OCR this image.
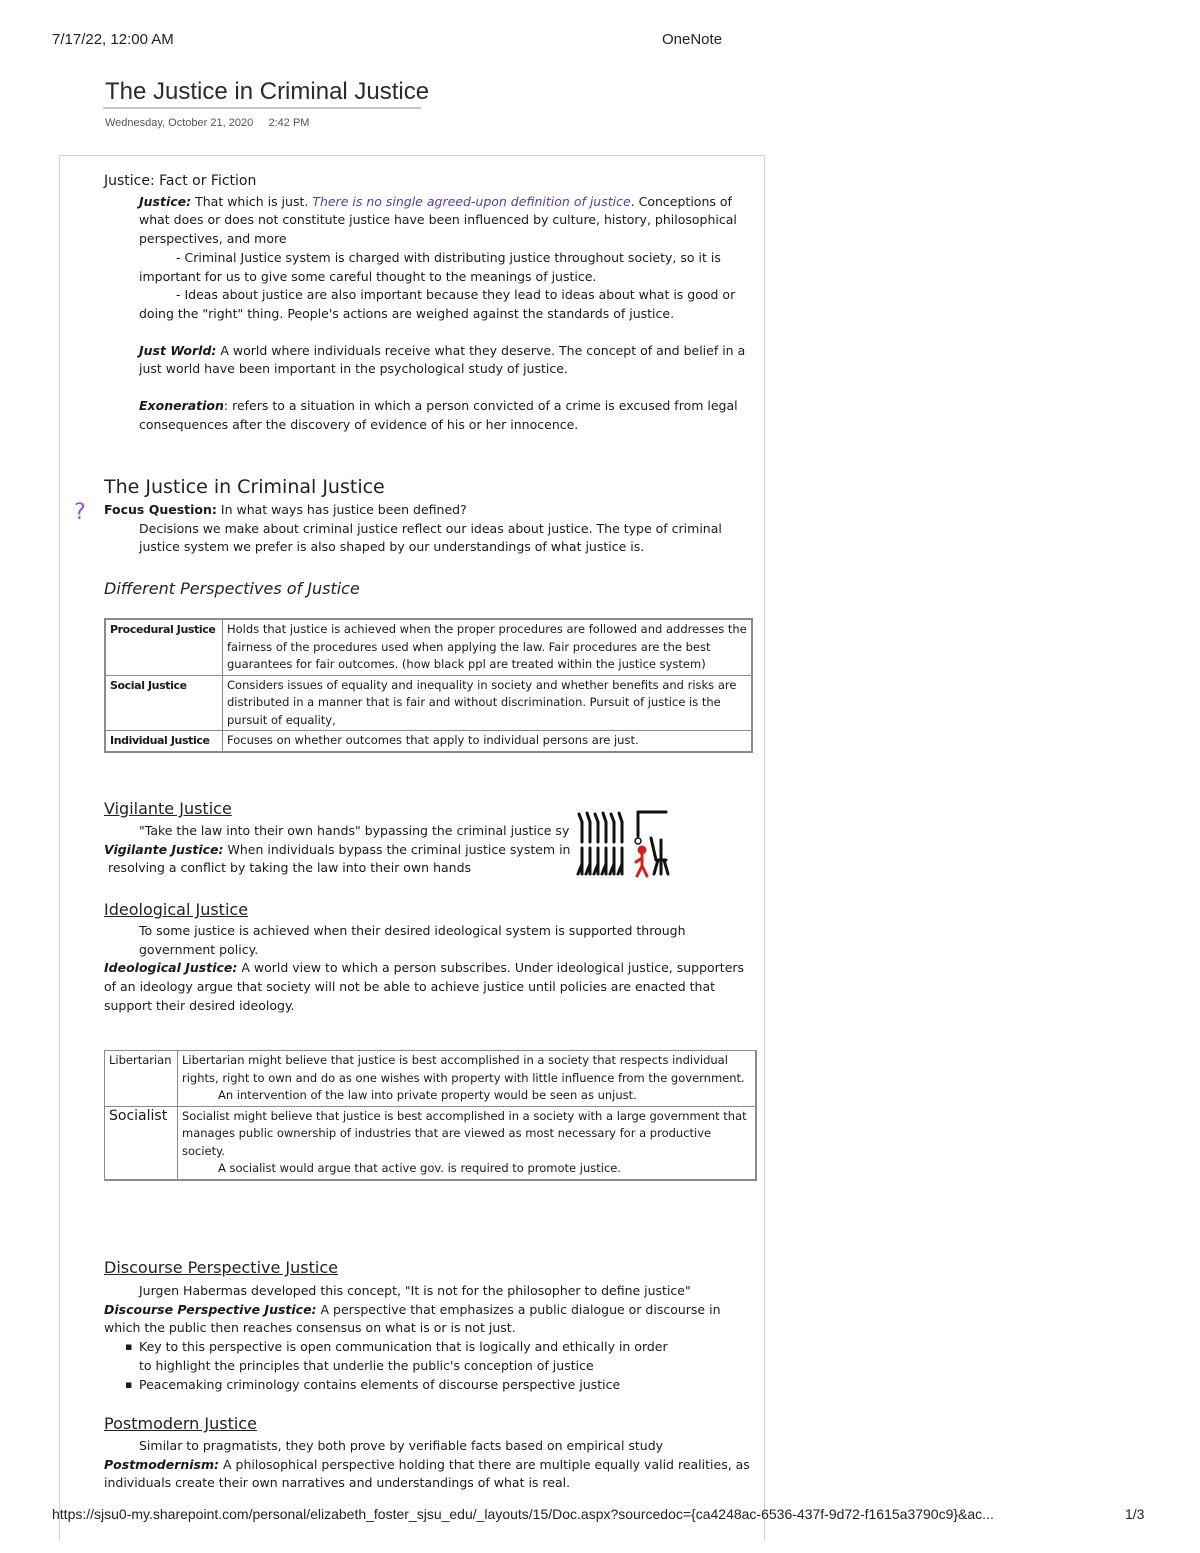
7/17/22, 12:00 AM	OneNote
The Justice in Criminal Justice
Wednesday, October 21, 2020 2:42 PM

Justice: Fact or Fiction

Justice: That which is just. There is no single agreed-upon definition of justice. Conceptions of what does or does not constitute justice have been influenced by culture, history, philosophical perspectives, and more

- Criminal Justice system is charged with distributing justice throughout society, so it is

important for us to give some careful thought to the meanings of justice.

- Ideas about justice are also important because they lead to ideas about what is good or

doing the "right" thing. People's actions are weighed against the standards of justice.

Just World: A world where individuals receive what they deserve. The concept of and belief in a just world have been important in the psychological study of justice.

Exoneration: refers to a situation in which a person convicted of a crime is excused from legal consequences after the discovery of evidence of his or her innocence.

The Justice in Criminal Justice
? Focus Question: In what ways has justice been defined?

Decisions we make about criminal justice reflect our ideas about justice. The type of criminal justice system we prefer is also shaped by our understandings of what justice is.

Different Perspectives of Justice
Procedural Justice	Holds that justice is achieved when the proper procedures are followed and addresses the fairness of the procedures used when applying the law. Fair procedures are the best guarantees for fair outcomes. (how black ppl are treated within the justice system)
Social Justice	Considers issues of equality and inequality in society and whether benefits and risks are distributed in a manner that is fair and without discrimination. Pursuit of justice is the pursuit of equality,
Individual Justice	Focuses on whether outcomes that apply to individual persons are just.
Vigilante Justice

"Take the law into their own hands" bypassing the criminal justice sy

Vigilante Justice: When individuals bypass the criminal justice system in

resolving a conflict by taking the law into their own hands

Ideological Justice

To some justice is achieved when their desired ideological system is supported through government policy.

Ideological Justice: A world view to which a person subscribes. Under ideological justice, supporters of an ideology argue that society will not be able to achieve justice until policies are enacted that support their desired ideology.

Libertarian	Libertarian might believe that justice is best accomplished in a society that respects individual rights, right to own and do as one wishes with property with little influence from the government.
An intervention of the law into private property would be seen as unjust.

Socialist	Socialist might believe that justice is best accomplished in a society with a large government that manages public ownership of industries that are viewed as most necessary for a productive society.
A socialist would argue that active gov. is required to promote justice.
Discourse Perspective Justice

Jurgen Habermas developed this concept, "It is not for the philosopher to define justice"

Discourse Perspective Justice: A perspective that emphasizes a public dialogue or discourse in which the public then reaches consensus on what is or is not just.

▪ Key to this perspective is open communication that is logically and ethically in order to highlight the principles that underlie the public's conception of justice
▪ Peacemaking criminology contains elements of discourse perspective justice
Postmodern Justice

Similar to pragmatists, they both prove by verifiable facts based on empirical study

Postmodernism: A philosophical perspective holding that there are multiple equally valid realities, as individuals create their own narratives and understandings of what is real.

https://sjsu0-my.sharepoint.com/personal/elizabeth_foster_sjsu_edu/_layouts/15/Doc.aspx?sourcedoc={ca4248ac-6536-437f-9d72-f1615a3790c9}&ac...	1/3
